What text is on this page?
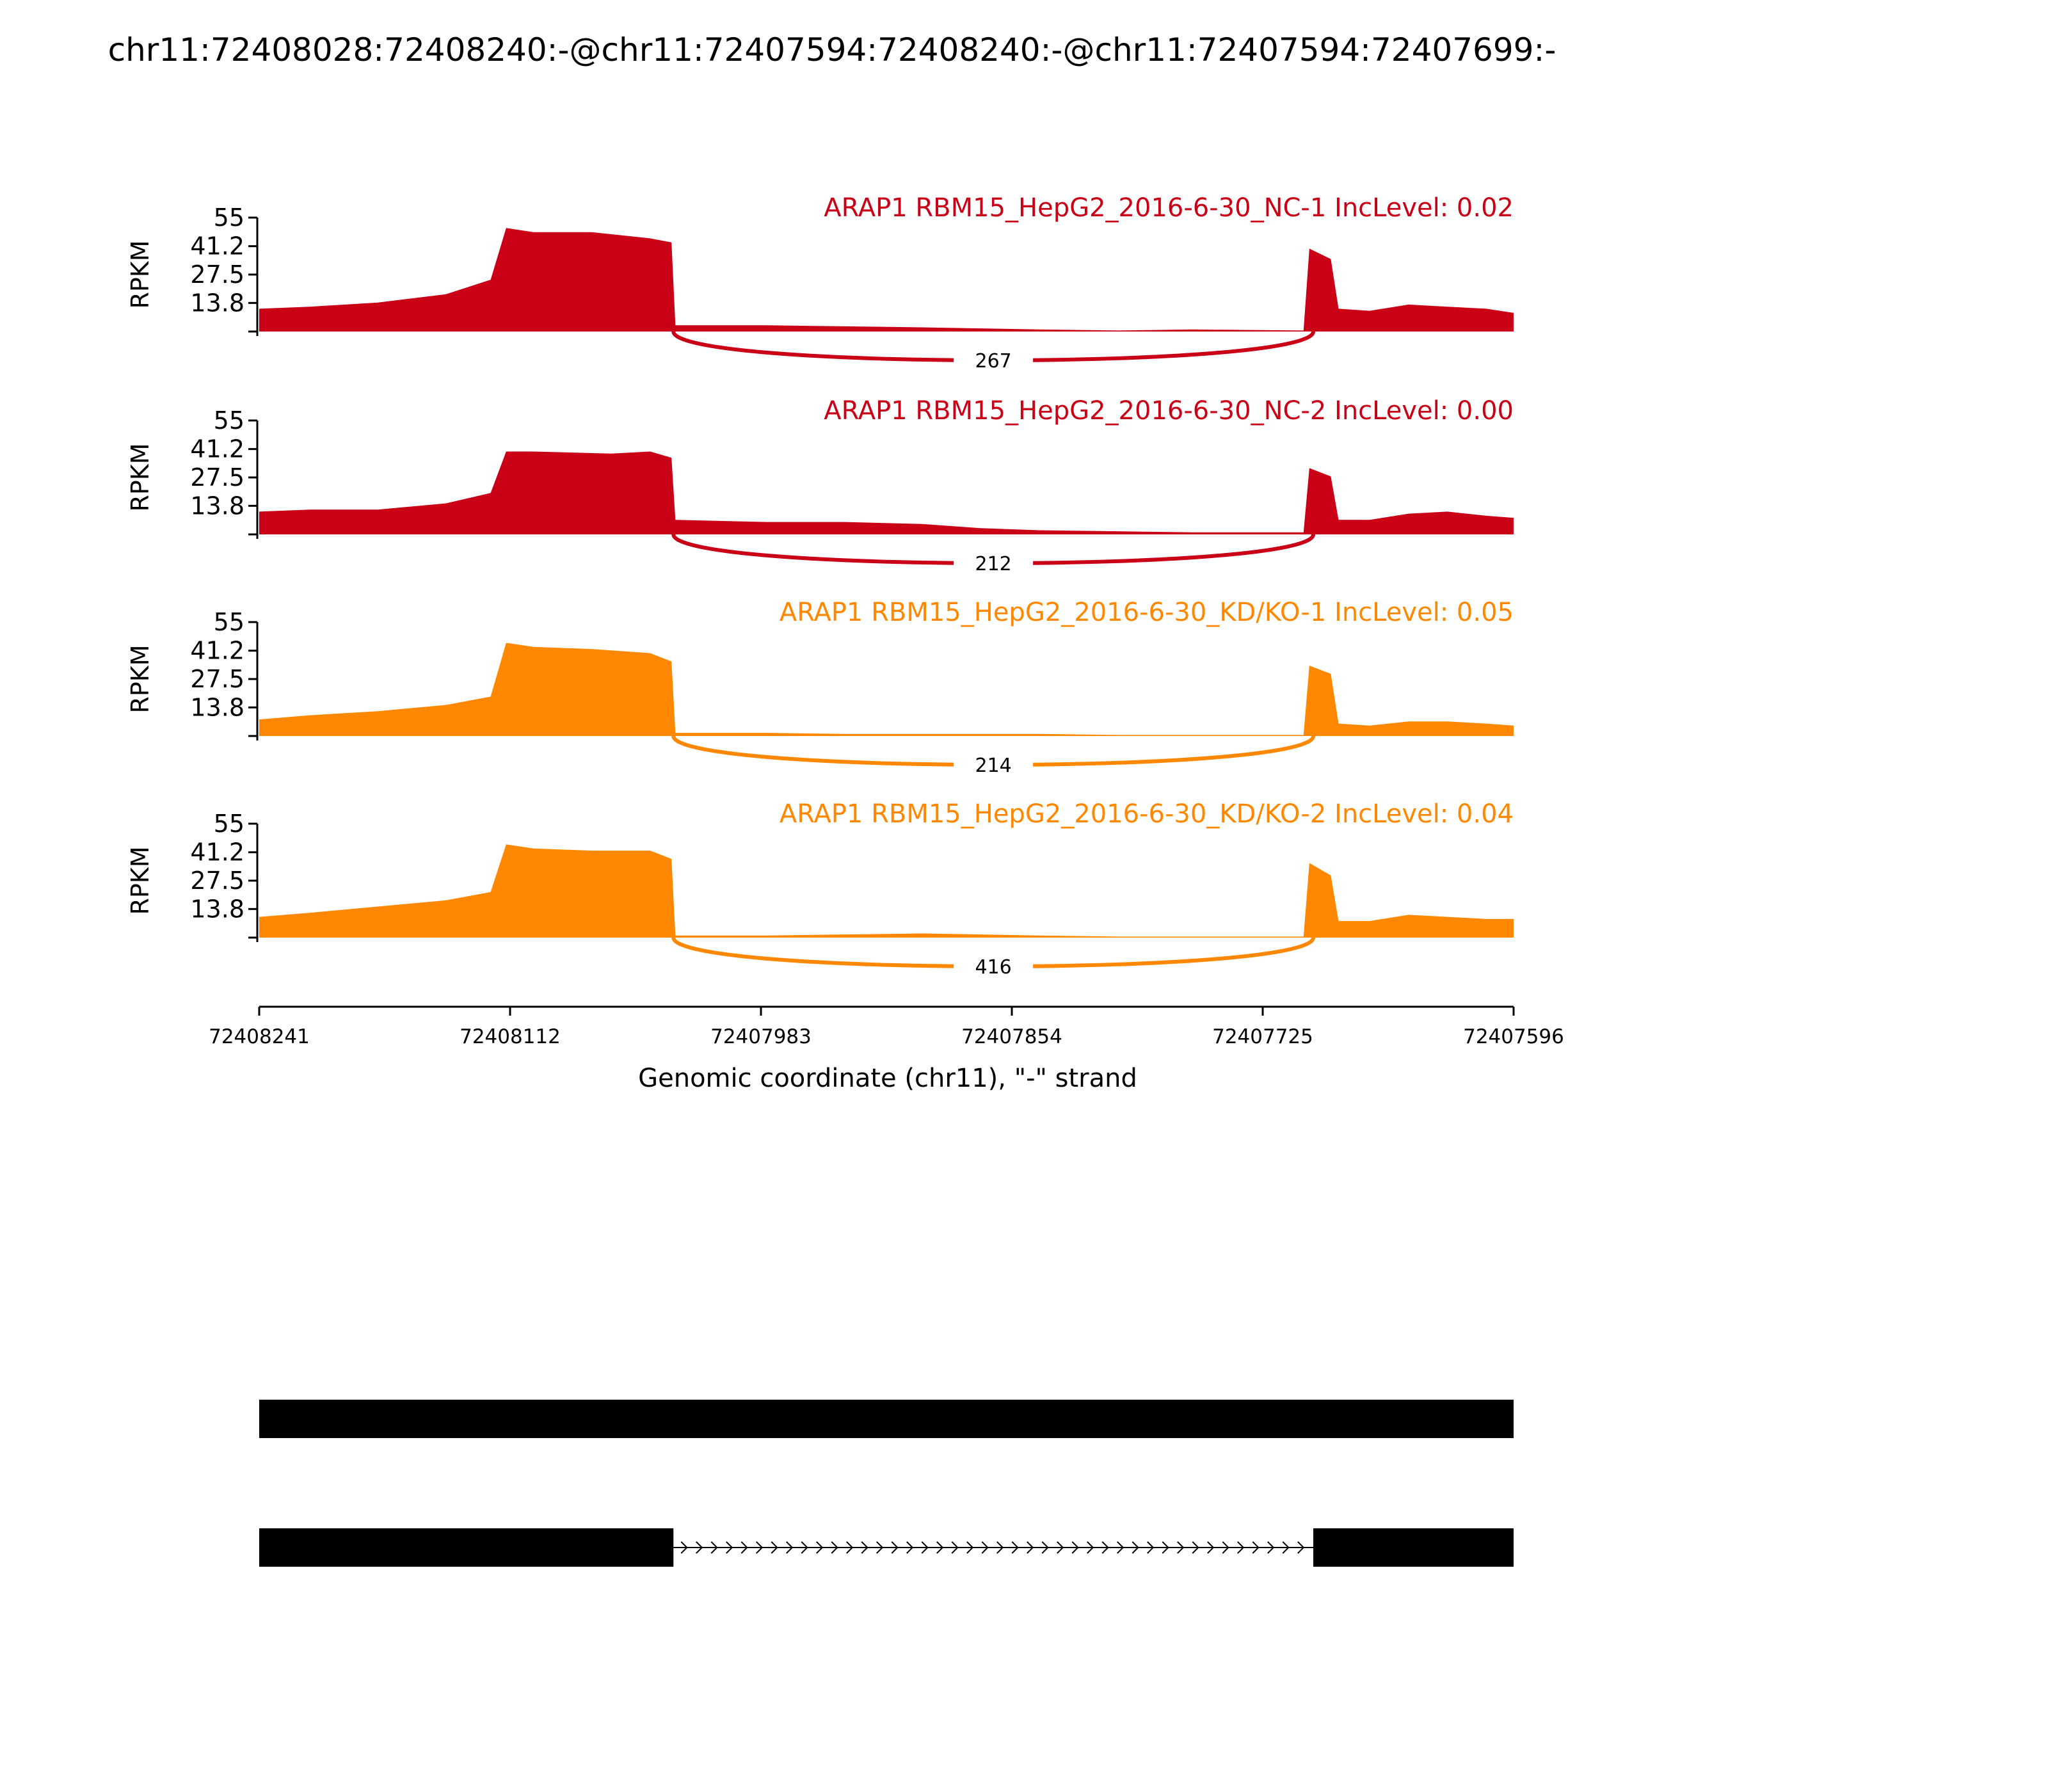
chr11:72408028:72408240:-@chr11:72407594:72408240:-@chr11:72407594:72407699:-
55
41.2
27.5
13.8
RPKM
ARAP1 RBM15_HepG2_2016-6-30_NC-1 IncLevel: 0.02
267
55
41.2
27.5
13.8
RPKM
ARAP1 RBM15_HepG2_2016-6-30_NC-2 IncLevel: 0.00
212
55
41.2
27.5
13.8
RPKM
ARAP1 RBM15_HepG2_2016-6-30_KD/KO-1 IncLevel: 0.05
214
55
41.2
27.5
13.8
RPKM
ARAP1 RBM15_HepG2_2016-6-30_KD/KO-2 IncLevel: 0.04
416
72408241	72408112	72407983	72407854	72407725	72407596
Genomic coordinate (chr11), "-" strand
